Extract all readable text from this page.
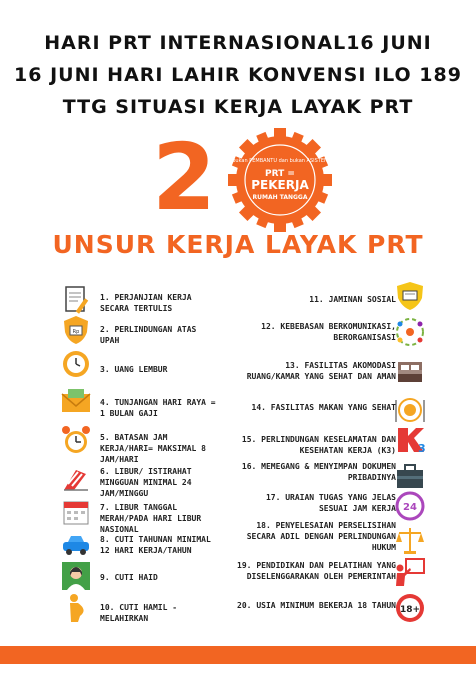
HARI PRT INTERNASIONAL16 JUNI
16 JUNI HARI LAHIR KONVENSI ILO 189
TTG SITUASI KERJA LAYAK PRT
2	bukan PEMBANTU dan bukan ASISTEN
PRT =
PEKERJA
RUMAH TANGGA
UNSUR KERJA LAYAK PRT
1. PERJANJIAN KERJA SECARA TERTULIS
Rp	2. PERLINDUNGAN ATAS UPAH
3. UANG LEMBUR
4. TUNJANGAN HARI RAYA = 1 BULAN GAJI
5. BATASAN JAM KERJA/HARI= MAKSIMAL 8 JAM/HARI
6. LIBUR/ ISTIRAHAT MINGGUAN MINIMAL 24 JAM/MINGGU
7. LIBUR TANGGAL MERAH/PADA HARI LIBUR NASIONAL
8. CUTI TAHUNAN MINIMAL 12 HARI KERJA/TAHUN
9. CUTI HAID
10. CUTI HAMIL - MELAHIRKAN
11. JAMINAN SOSIAL
12. KEBEBASAN BERKOMUNIKASI, BERORGANISASI
13. FASILITAS AKOMODASI RUANG/KAMAR YANG SEHAT DAN AMAN
14. FASILITAS MAKAN YANG SEHAT
3
15. PERLINDUNGAN KESELAMATAN DAN KESEHATAN KERJA (K3)
16. MEMEGANG & MENYIMPAN DOKUMEN PRIBADINYA
24
17. URAIAN TUGAS YANG JELAS SESUAI JAM KERJA
18. PENYELESAIAN PERSELISIHAN SECARA ADIL DENGAN PERLINDUNGAN HUKUM
19. PENDIDIKAN DAN PELATIHAN YANG DISELENGGARAKAN OLEH PEMERINTAH
18+
20. USIA MINIMUM BEKERJA 18 TAHUN
